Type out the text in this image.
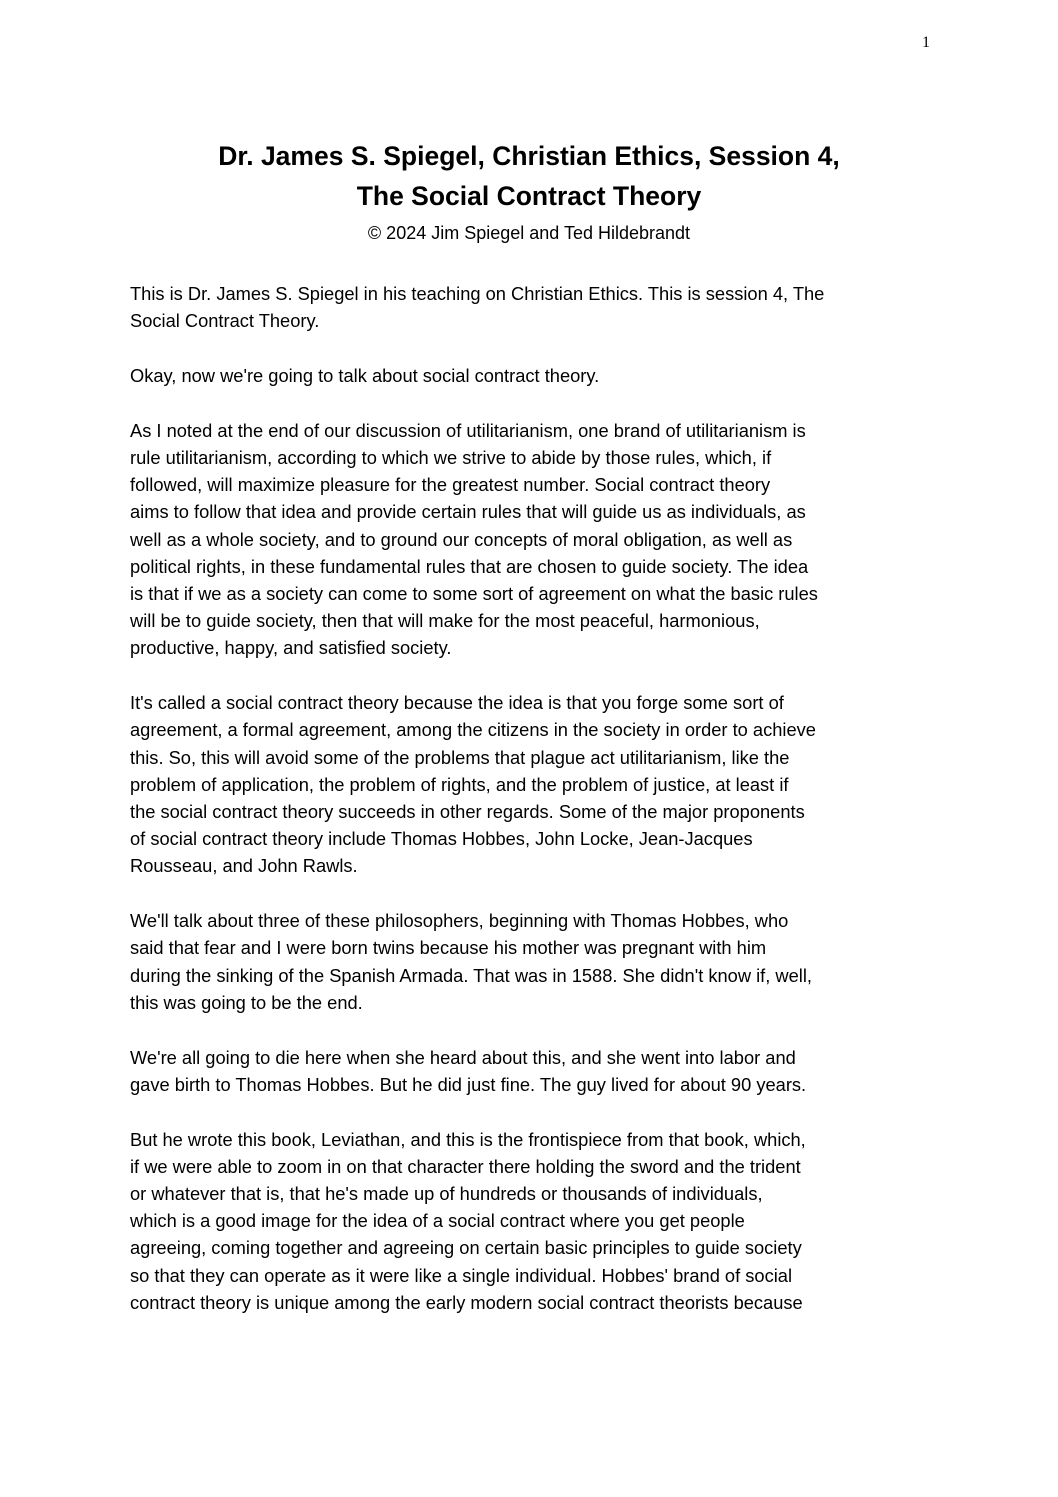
1
Dr. James S. Spiegel, Christian Ethics, Session 4,
The Social Contract Theory
© 2024 Jim Spiegel and Ted Hildebrandt

This is Dr. James S. Spiegel in his teaching on Christian Ethics. This is session 4, The
Social Contract Theory.

Okay, now we're going to talk about social contract theory.

As I noted at the end of our discussion of utilitarianism, one brand of utilitarianism is
rule utilitarianism, according to which we strive to abide by those rules, which, if
followed, will maximize pleasure for the greatest number. Social contract theory
aims to follow that idea and provide certain rules that will guide us as individuals, as
well as a whole society, and to ground our concepts of moral obligation, as well as
political rights, in these fundamental rules that are chosen to guide society. The idea
is that if we as a society can come to some sort of agreement on what the basic rules
will be to guide society, then that will make for the most peaceful, harmonious,
productive, happy, and satisfied society.

It's called a social contract theory because the idea is that you forge some sort of
agreement, a formal agreement, among the citizens in the society in order to achieve
this. So, this will avoid some of the problems that plague act utilitarianism, like the
problem of application, the problem of rights, and the problem of justice, at least if
the social contract theory succeeds in other regards. Some of the major proponents
of social contract theory include Thomas Hobbes, John Locke, Jean-Jacques
Rousseau, and John Rawls.

We'll talk about three of these philosophers, beginning with Thomas Hobbes, who
said that fear and I were born twins because his mother was pregnant with him
during the sinking of the Spanish Armada. That was in 1588. She didn't know if, well,
this was going to be the end.

We're all going to die here when she heard about this, and she went into labor and
gave birth to Thomas Hobbes. But he did just fine. The guy lived for about 90 years.

But he wrote this book, Leviathan, and this is the frontispiece from that book, which,
if we were able to zoom in on that character there holding the sword and the trident
or whatever that is, that he's made up of hundreds or thousands of individuals,
which is a good image for the idea of a social contract where you get people
agreeing, coming together and agreeing on certain basic principles to guide society
so that they can operate as it were like a single individual. Hobbes' brand of social
contract theory is unique among the early modern social contract theorists because
